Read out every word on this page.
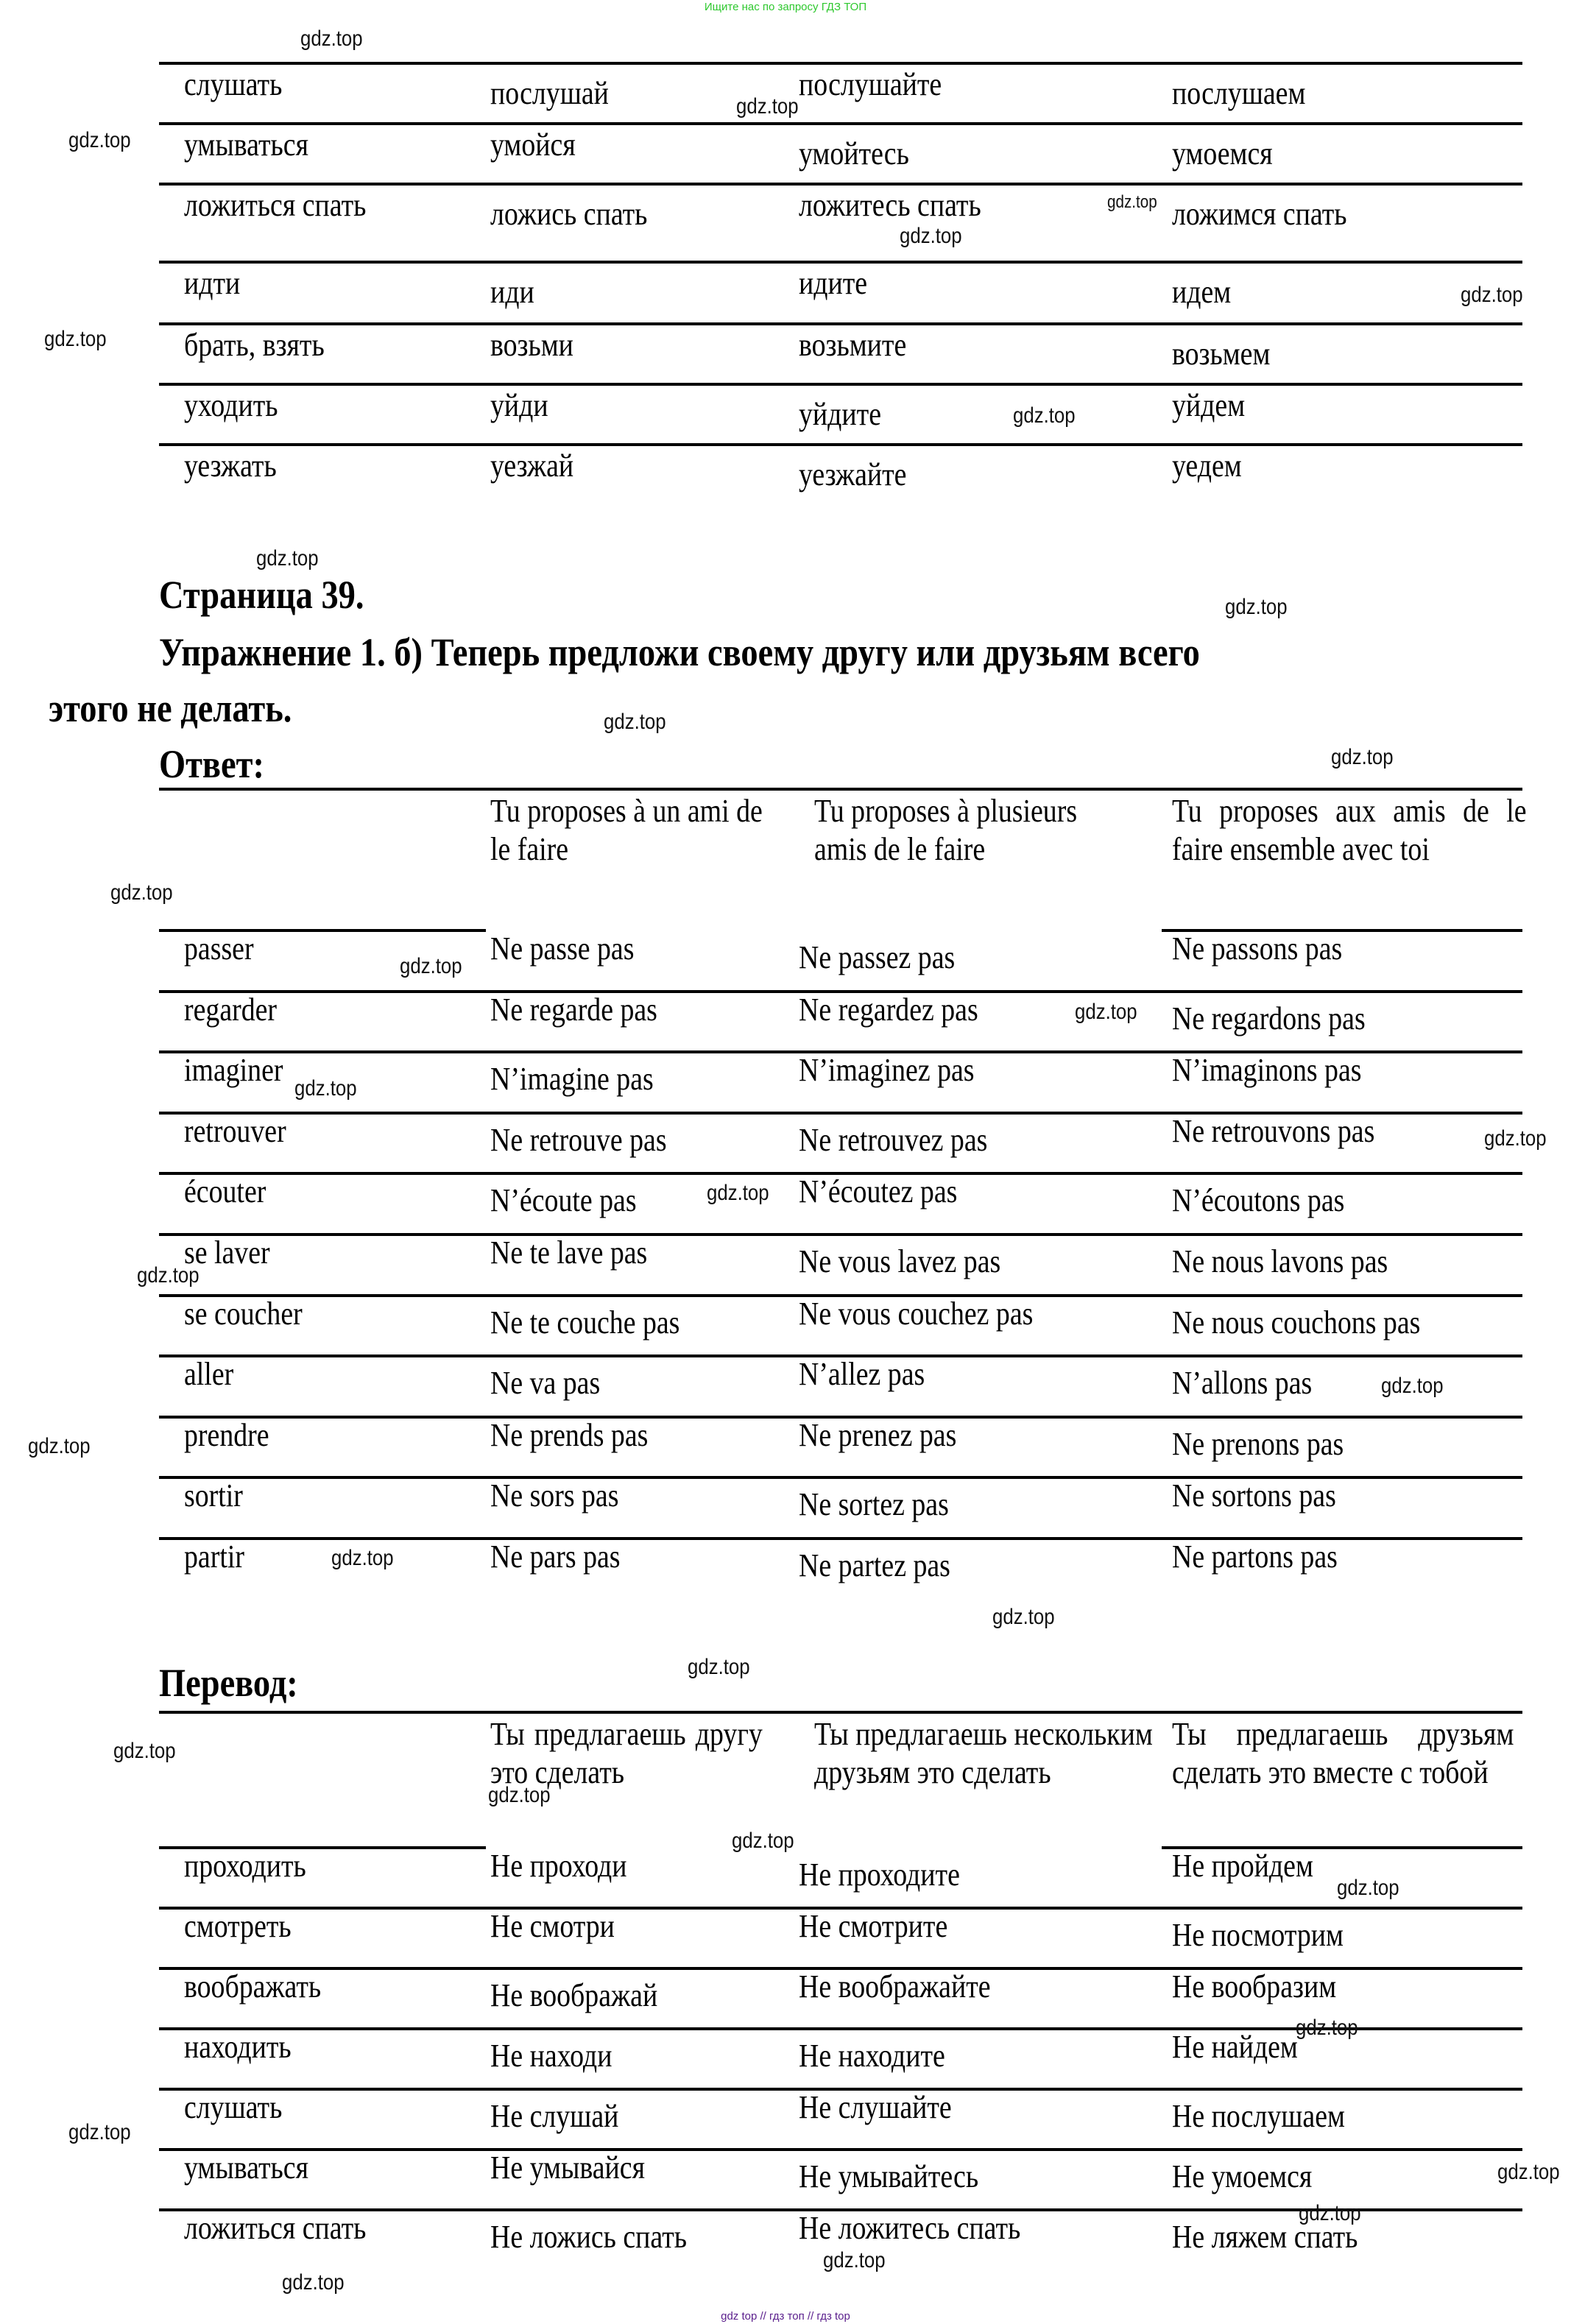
Ищите нас по запросу ГДЗ ТОП
Страница 39.
Упражнение 1. б) Теперь предложи своему другу или друзьям всего
этого не делать.
Ответ:
Перевод:
Tu proposes à un ami de le faire
Tu proposes à plusieurs amis de le faire
Tu proposes aux amis de le faire ensemble avec toi
Ты предлагаешь другу это сделать
Ты предлагаешь нескольким друзьям это сделать
Ты предлагаешь друзьям сделать это вместе с тобой
слушать	послушай	послушайте	послушаем
умываться	умойся	умойтесь	умоемся
ложиться спать	ложись спать	ложитесь спать	ложимся спать
идти	иди	идите	идем
брать, взять	возьми	возьмите	возьмем
уходить	уйди	уйдите	уйдем
уезжать	уезжай	уезжайте	уедем
passer	Ne passe pas	Ne passez pas	Ne passons pas
regarder	Ne regarde pas	Ne regardez pas	Ne regardons pas
imaginer	N’imagine pas	N’imaginez pas	N’imaginons pas
retrouver	Ne retrouve pas	Ne retrouvez pas	Ne retrouvons pas
écouter	N’écoute pas	N’écoutez pas	N’écoutons pas
se laver	Ne te lave pas	Ne vous lavez pas	Ne nous lavons pas
se coucher	Ne te couche pas	Ne vous couchez pas	Ne nous couchons pas
aller	Ne va pas	N’allez pas	N’allons pas
prendre	Ne prends pas	Ne prenez pas	Ne prenons pas
sortir	Ne sors pas	Ne sortez pas	Ne sortons pas
partir	Ne pars pas	Ne partez pas	Ne partons pas
проходить	Не проходи	Не проходите	Не пройдем
смотреть	Не смотри	Не смотрите	Не посмотрим
воображать	Не воображай	Не воображайте	Не вообразим
находить	Не находи	Не находите	Не найдем
слушать	Не слушай	Не слушайте	Не послушаем
умываться	Не умывайся	Не умывайтесь	Не умоемся
ложиться спать	Не ложись спать	Не ложитесь спать	Не ляжем спать
gdz.top
gdz.top
gdz.top
gdz.top
gdz.top
gdz.top
gdz.top
gdz.top
gdz.top
gdz.top
gdz.top
gdz.top
gdz.top
gdz.top
gdz.top
gdz.top
gdz.top
gdz.top
gdz.top
gdz.top
gdz.top
gdz.top
gdz.top
gdz.top
gdz.top
gdz.top
gdz.top
gdz.top
gdz.top
gdz.top
gdz.top
gdz.top
gdz.top
gdz.top
gdz top // гдз топ // гдз top
